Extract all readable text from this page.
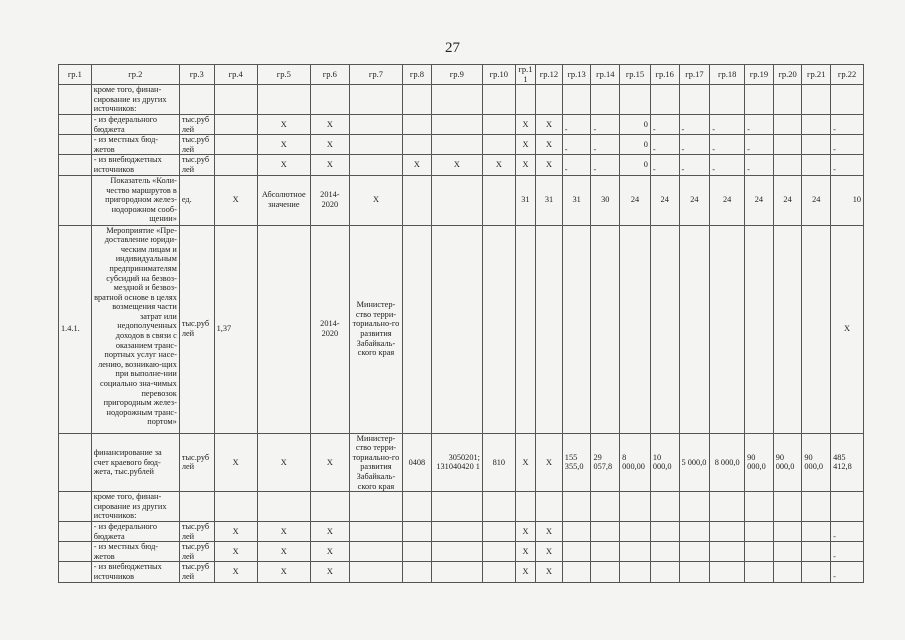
27
гр.1	гр.2	гр.3	гр.4	гр.5	гр.6	гр.7	гр.8	гр.9	гр.10	гр.1 1	гр.12	гр.13	гр.14	гр.15	гр.16	гр.17	гр.18	гр.19	гр.20	гр.21	гр.22
	кроме того, финан-сирование из других источников:																				
	- из федерального бюджета	тыс.руб лей		Х	Х					Х	Х	-	-	0	-	-	-	-			-
	- из местных бюд-жетов	тыс.руб лей		Х	Х					Х	Х	-	-	0	-	-	-	-			-
	- из внебюджетных источников	тыс.руб лей		Х	Х		Х	Х	Х	Х	Х	-	-	0	-	-	-	-			-
	Показатель «Коли-чество маршрутов в пригородном желез-нодорожном сооб-щении»	ед.	Х	Абсолютное значение	2014-2020	Х				31	31	31	30	24	24	24	24	24	24	24	10
1.4.1.	Мероприятие «Пре-доставление юриди-ческим лицам и индивидуальным предпринимателям субсидий на безвоз-мездной и безвоз-вратной основе в целях возмещения части затрат или недополученных доходов в связи с оказанием транс-портных услуг насе-лению, возникаю-щих при выполне-нии социально зна-чимых перевозок пригородным желез-нодорожным транс-портом»	тыс.руб лей	1,37		2014-2020	Министер-ство терри-ториально-го развития Забайкаль-ского края															Х
	финансирование за счет краевого бюд-жета, тыс.рублей	тыс.руб лей	Х	Х	Х	Министер-ство терри-ториально-го развития Забайкаль-ского края	0408	3050201; 131040420 1	810	Х	Х	155 355,0	29 057,8	8 000,00	10 000,0	5 000,0	8 000,0	90 000,0	90 000,0	90 000,0	485 412,8
	кроме того, финан-сирование из других источников:																				
	- из федерального бюджета	тыс.руб лей	Х	Х	Х					Х	Х										-
	- из местных бюд-жетов	тыс.руб лей	Х	Х	Х					Х	Х										-
	- из внебюджетных источников	тыс.руб лей	Х	Х	Х					Х	Х										-
